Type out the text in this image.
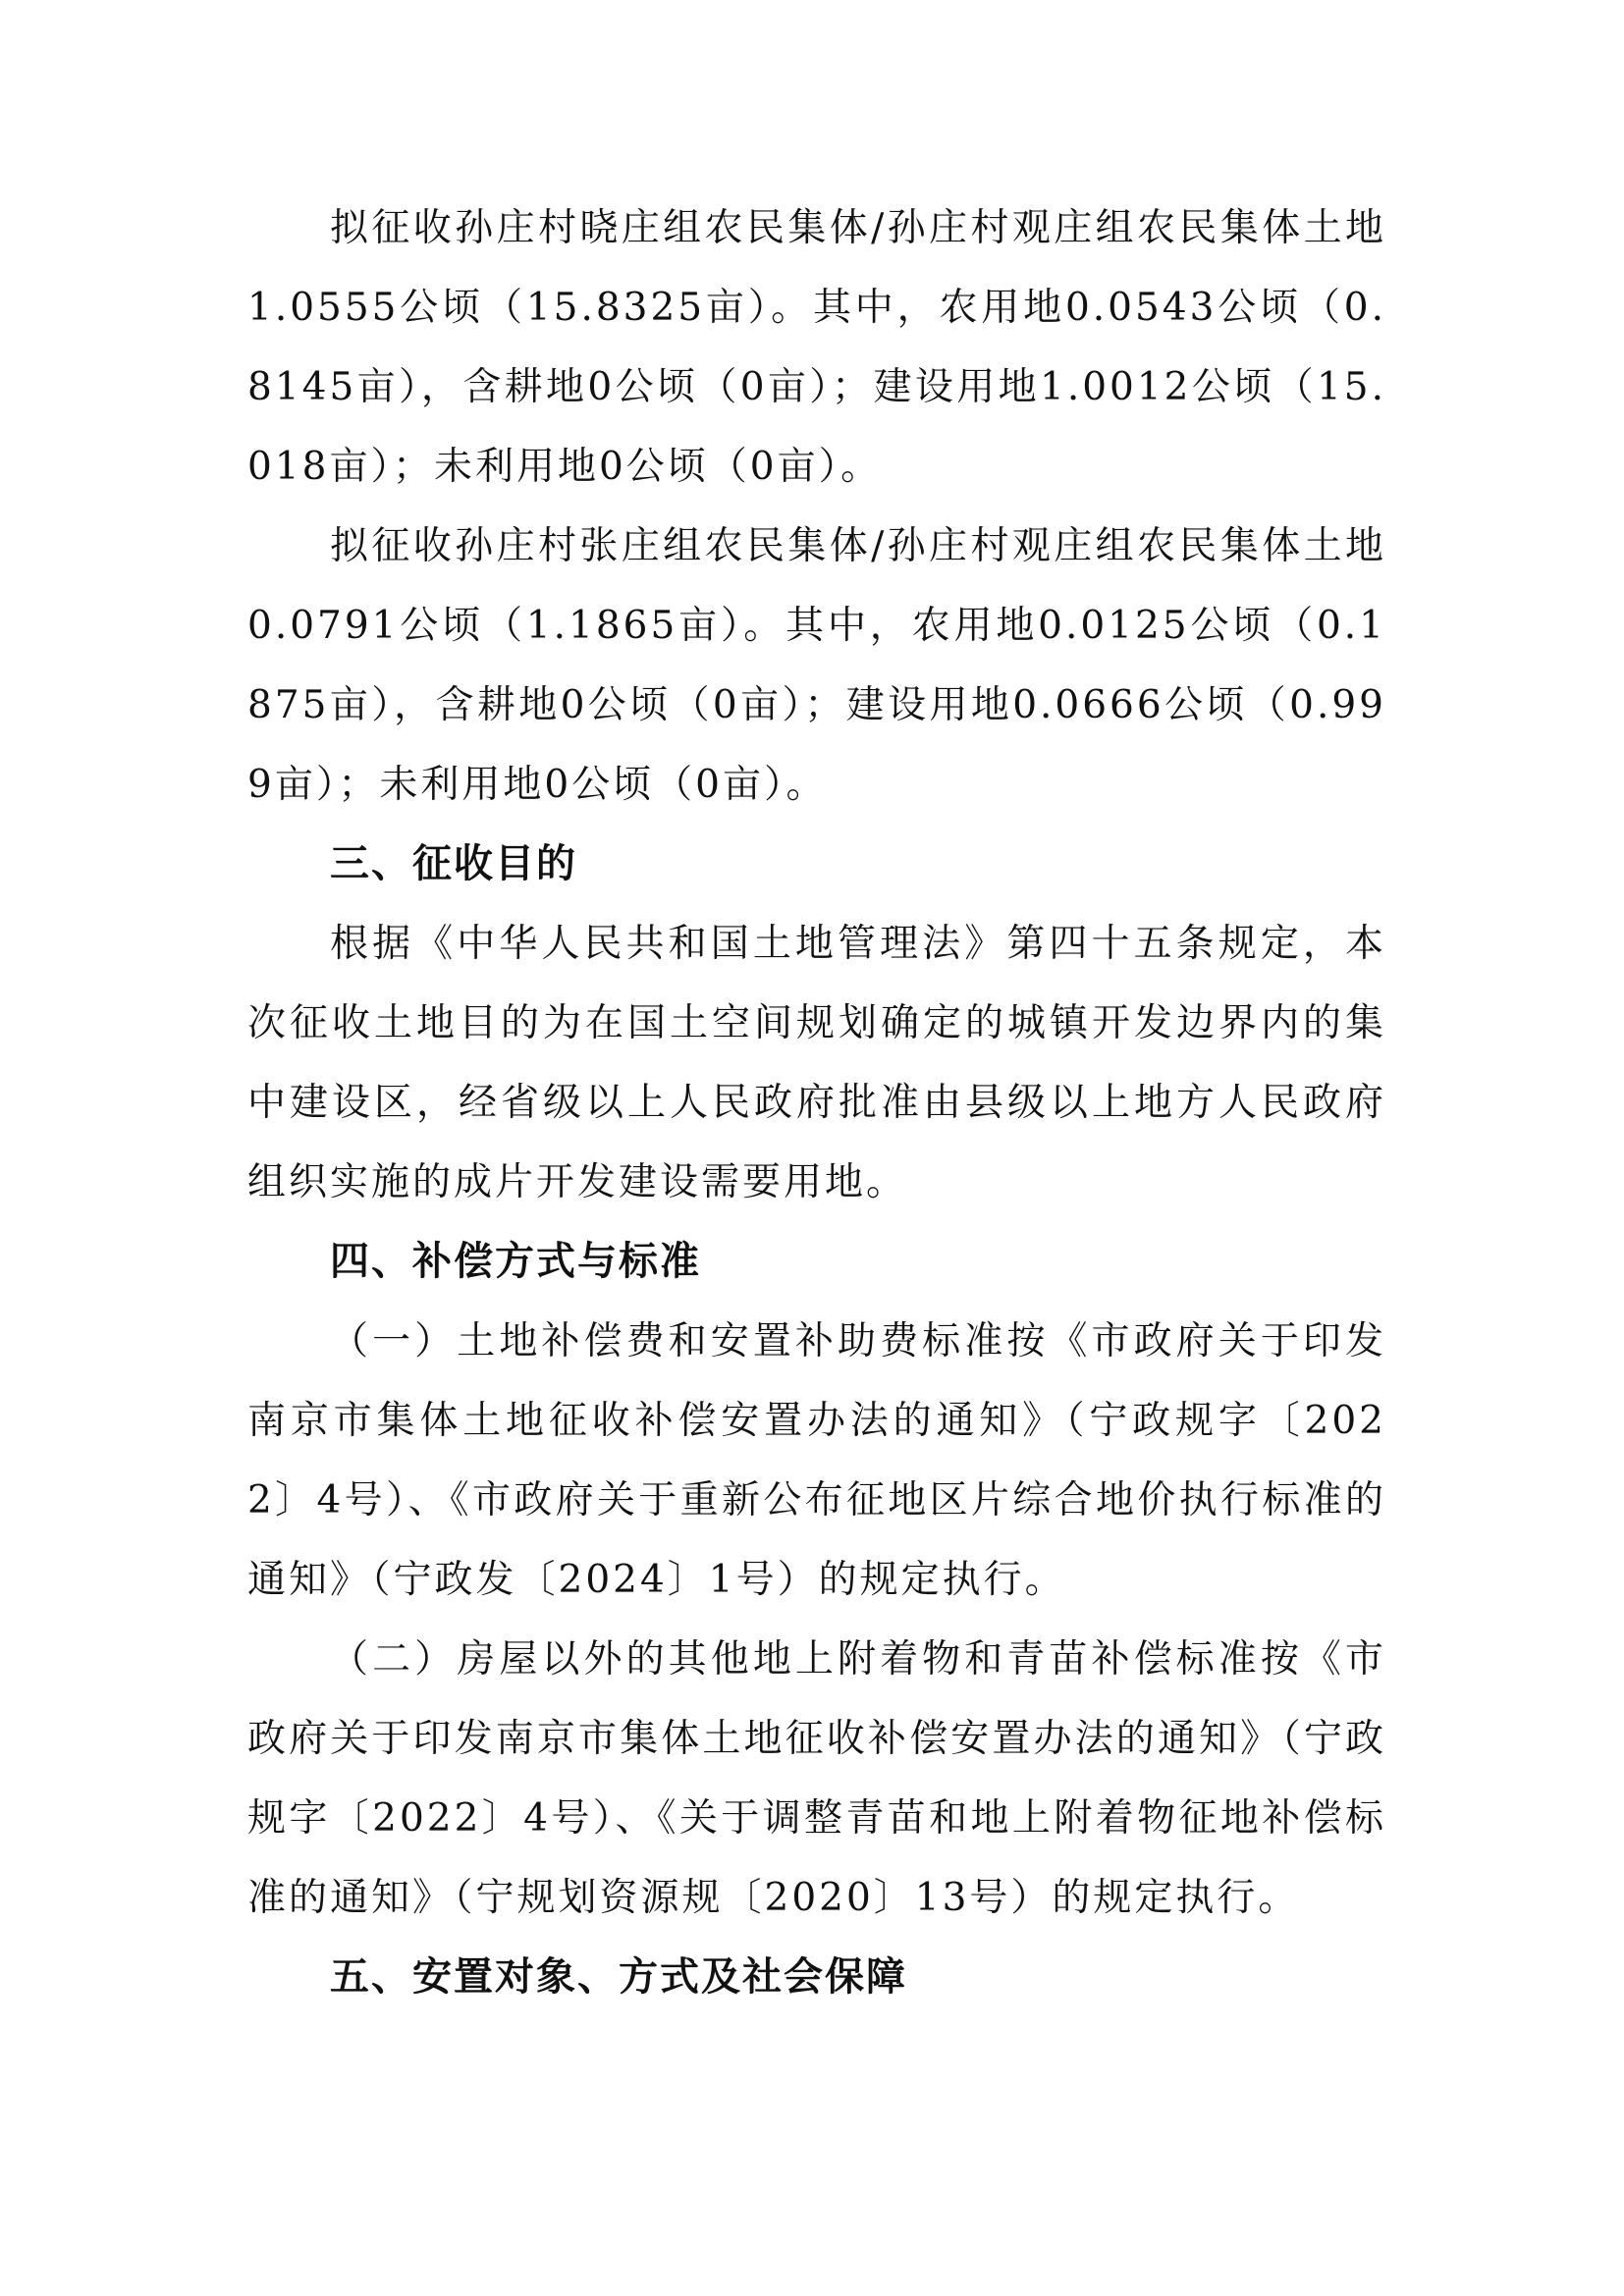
拟征收孙庄村晓庄组农民集体/孙庄村观庄组农民集体土地1.0555公顷（15.8325亩）。其中，农用地0.0543公顷（0.8145亩），含耕地0公顷（0亩）；建设用地1.0012公顷（15.018亩）；未利用地0公顷（0亩）。

拟征收孙庄村张庄组农民集体/孙庄村观庄组农民集体土地0.0791公顷（1.1865亩）。其中，农用地0.0125公顷（0.1875亩），含耕地0公顷（0亩）；建设用地0.0666公顷（0.999亩）；未利用地0公顷（0亩）。

三、征收目的

根据《中华人民共和国土地管理法》第四十五条规定，本次征收土地目的为在国土空间规划确定的城镇开发边界内的集中建设区，经省级以上人民政府批准由县级以上地方人民政府组织实施的成片开发建设需要用地。

四、补偿方式与标准

（一）土地补偿费和安置补助费标准按《市政府关于印发南京市集体土地征收补偿安置办法的通知》（宁政规字〔2022〕4号）、《市政府关于重新公布征地区片综合地价执行标准的通知》（宁政发〔2024〕1号）的规定执行。

（二）房屋以外的其他地上附着物和青苗补偿标准按《市政府关于印发南京市集体土地征收补偿安置办法的通知》（宁政规字〔2022〕4号）、《关于调整青苗和地上附着物征地补偿标准的通知》（宁规划资源规〔2020〕13号）的规定执行。

五、安置对象、方式及社会保障
